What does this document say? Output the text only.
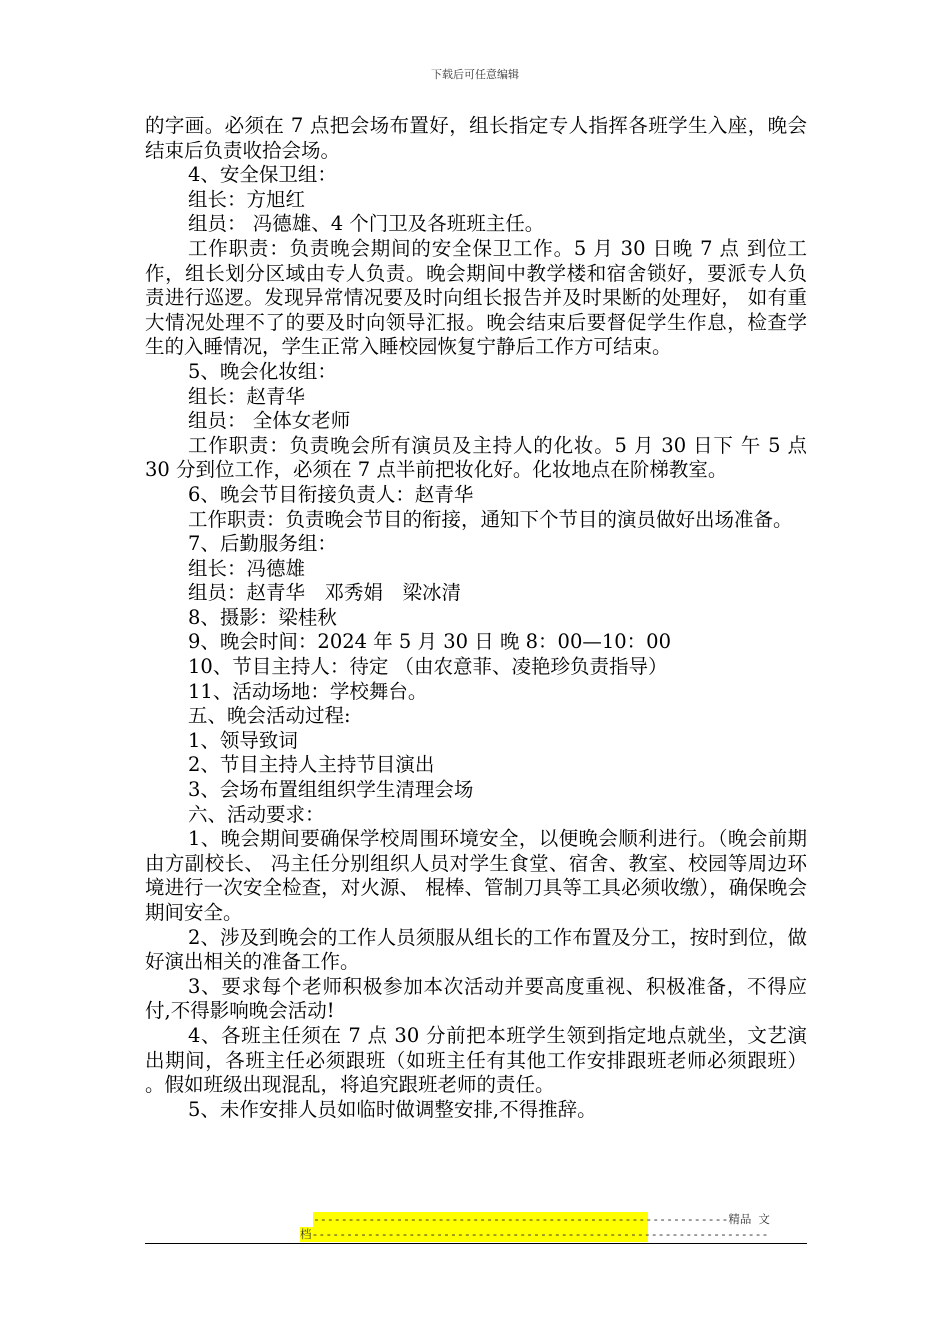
下载后可任意编辑

的字画。必须在 7 点把会场布置好，组长指定专人指挥各班学生入座，晚会结束后负责收拾会场。

4、安全保卫组：

组长：方旭红

组员： 冯德雄、4 个门卫及各班班主任。

工作职责：负责晚会期间的安全保卫工作。5 月 30 日晚 7 点 到位工作，组长划分区域由专人负责。晚会期间中教学楼和宿舍锁好，要派专人负责进行巡逻。发现异常情况要及时向组长报告并及时果断的处理好， 如有重大情况处理不了的要及时向领导汇报。晚会结束后要督促学生作息，检查学生的入睡情况，学生正常入睡校园恢复宁静后工作方可结束。

5、晚会化妆组：

组长：赵青华

组员： 全体女老师

工作职责：负责晚会所有演员及主持人的化妆。5 月 30 日下 午 5 点 30 分到位工作，必须在 7 点半前把妆化好。化妆地点在阶梯教室。

6、晚会节目衔接负责人：赵青华

工作职责：负责晚会节目的衔接，通知下个节目的演员做好出场准备。

7、后勤服务组：

组长：冯德雄

组员：赵青华　邓秀娟　梁冰清

8、摄影：梁桂秋

9、晚会时间：2024 年 5 月 30 日 晚 8：00—10：00

10、节目主持人：待定 （由农意菲、凌艳珍负责指导）

11、活动场地：学校舞台。

五、晚会活动过程:

1、领导致词

2、节目主持人主持节目演出

3、会场布置组组织学生清理会场

六、活动要求：

1、晚会期间要确保学校周围环境安全，以便晚会顺利进行。（晚会前期由方副校长、 冯主任分别组织人员对学生食堂、宿舍、教室、校园等周边环境进行一次安全检查，对火源、 棍棒、管制刀具等工具必须收缴），确保晚会期间安全。

2、涉及到晚会的工作人员须服从组长的工作布置及分工，按时到位，做好演出相关的准备工作。

3、要求每个老师积极参加本次活动并要高度重视、积极准备，不得应付,不得影响晚会活动!

4、各班主任须在 7 点 30 分前把本班学生领到指定地点就坐，文艺演出期间，各班主任必须跟班（如班主任有其他工作安排跟班老师必须跟班） 。假如班级出现混乱，将追究跟班老师的责任。

5、未作安排人员如临时做调整安排,不得推辞。

------------------------------------------------------------精品 文
档------------------------------------------------------------------
